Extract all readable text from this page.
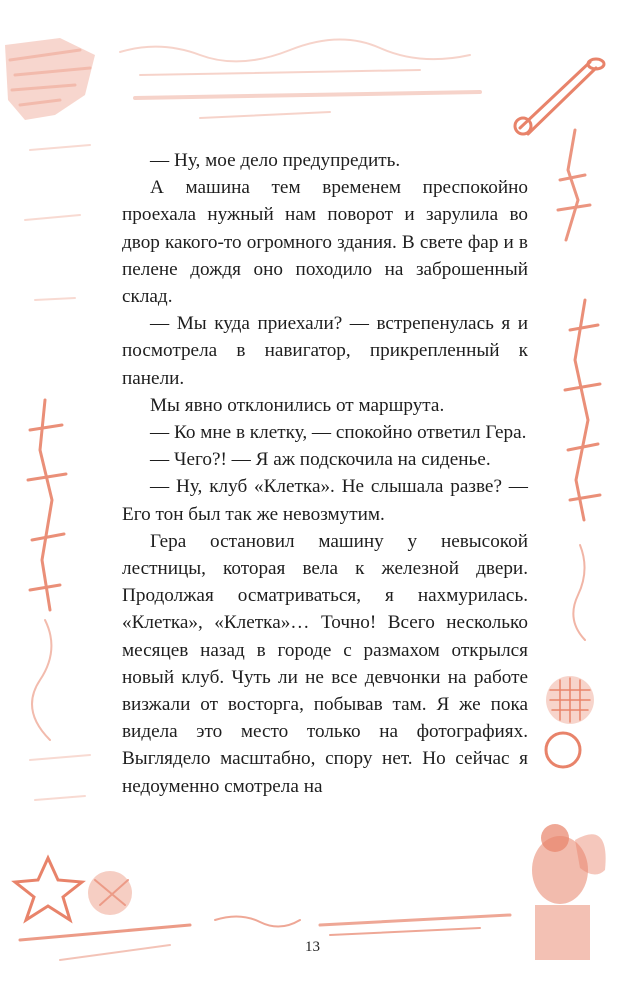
— Ну, мое дело предупредить.

А машина тем временем преспокойно проехала нужный нам поворот и зарулила во двор какого-то огромного здания. В свете фар и в пелене дождя оно походило на заброшенный склад.

— Мы куда приехали? — встрепенулась я и посмотрела в навигатор, прикрепленный к панели.

Мы явно отклонились от маршрута.

— Ко мне в клетку, — спокойно ответил Гера.

— Чего?! — Я аж подскочила на сиденье.

— Ну, клуб «Клетка». Не слышала разве? — Его тон был так же невозмутим.

Гера остановил машину у невысокой лестницы, которая вела к железной двери. Продолжая осматриваться, я нахмурилась. «Клетка», «Клетка»… Точно! Всего несколько месяцев назад в городе с размахом открылся новый клуб. Чуть ли не все девчонки на работе визжали от восторга, побывав там. Я же пока видела это место только на фотографиях. Выглядело масштабно, спору нет. Но сейчас я недоуменно смотрела на

13
